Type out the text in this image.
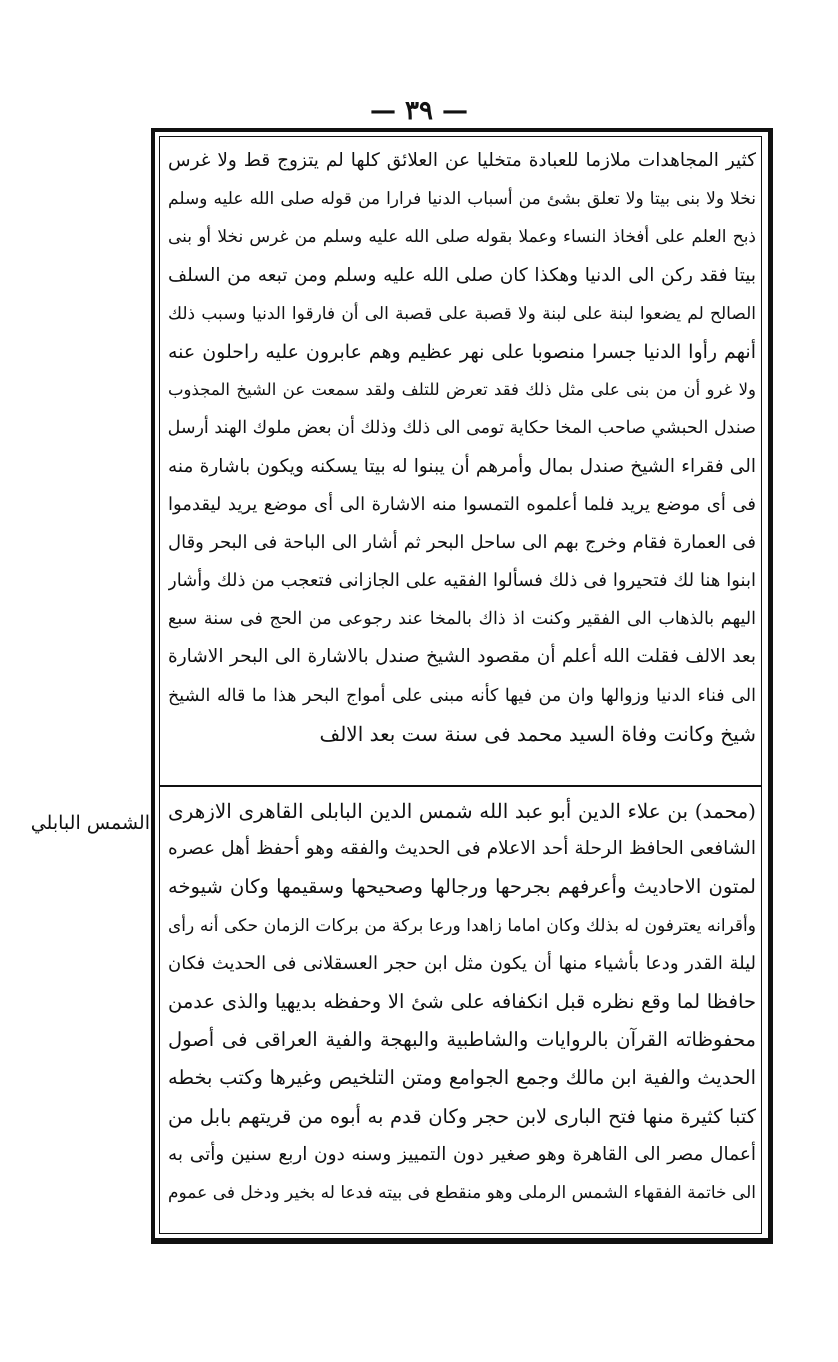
— ٣٩ —
الشمس البابلي
كثير المجاهدات ملازما للعبادة متخليا عن العلائق كلها لم يتزوج قط ولا غرس
نخلا ولا بنى بيتا ولا تعلق بشئ من أسباب الدنيا فرارا من قوله صلى الله عليه وسلم
ذبح العلم على أفخاذ النساء وعملا بقوله صلى الله عليه وسلم من غرس نخلا أو بنى
بيتا فقد ركن الى الدنيا وهكذا كان صلى الله عليه وسلم ومن تبعه من السلف
الصالح لم يضعوا لبنة على لبنة ولا قصبة على قصبة الى أن فارقوا الدنيا وسبب ذلك
أنهم رأوا الدنيا جسرا منصوبا على نهر عظيم وهم عابرون عليه راحلون عنه
ولا غرو أن من بنى على مثل ذلك فقد تعرض للتلف ولقد سمعت عن الشيخ المجذوب
صندل الحبشي صاحب المخا حكاية تومى الى ذلك وذلك أن بعض ملوك الهند أرسل
الى فقراء الشيخ صندل بمال وأمرهم أن يبنوا له بيتا يسكنه ويكون باشارة منه
فى أى موضع يريد فلما أعلموه التمسوا منه الاشارة الى أى موضع يريد ليقدموا
فى العمارة فقام وخرج بهم الى ساحل البحر ثم أشار الى الباحة فى البحر وقال
ابنوا هنا لك فتحيروا فى ذلك فسألوا الفقيه على الجازانى فتعجب من ذلك وأشار
اليهم بالذهاب الى الفقير وكنت اذ ذاك بالمخا عند رجوعى من الحج فى سنة سبع
بعد الالف فقلت الله أعلم أن مقصود الشيخ صندل بالاشارة الى البحر الاشارة
الى فناء الدنيا وزوالها وان من فيها كأنه مبنى على أمواج البحر هذا ما قاله الشيخ
شيخ وكانت وفاة السيد محمد فى سنة ست بعد الالف
(محمد) بن علاء الدين أبو عبد الله شمس الدين البابلى القاهرى الازهرى
الشافعى الحافظ الرحلة أحد الاعلام فى الحديث والفقه وهو أحفظ أهل عصره
لمتون الاحاديث وأعرفهم بجرحها ورجالها وصحيحها وسقيمها وكان شيوخه
وأقرانه يعترفون له بذلك وكان اماما زاهدا ورعا بركة من بركات الزمان حكى أنه رأى
ليلة القدر ودعا بأشياء منها أن يكون مثل ابن حجر العسقلانى فى الحديث فكان
حافظا لما وقع نظره قبل انكفافه على شئ الا وحفظه بديهيا والذى عدمن
محفوظاته القرآن بالروايات والشاطبية والبهجة والفية العراقى فى أصول
الحديث والفية ابن مالك وجمع الجوامع ومتن التلخيص وغيرها وكتب بخطه
كتبا كثيرة منها فتح البارى لابن حجر وكان قدم به أبوه من قريتهم بابل من
أعمال مصر الى القاهرة وهو صغير دون التمييز وسنه دون اربع سنين وأتى به
الى خاتمة الفقهاء الشمس الرملى وهو منقطع فى بيته فدعا له بخير ودخل فى عموم
